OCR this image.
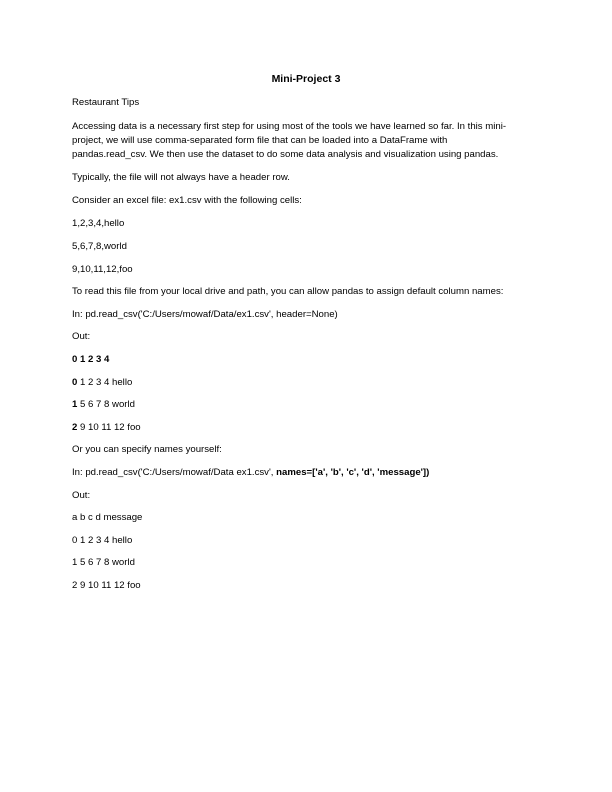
Mini-Project 3
Restaurant Tips
Accessing data is a necessary first step for using most of the tools we have learned so far. In this mini-
project, we will use comma-separated form file that can be loaded into a DataFrame with
pandas.read_csv. We then use the dataset to do some data analysis and visualization using pandas.
Typically, the file will not always have a header row.
Consider an excel file: ex1.csv with the following cells:
1,2,3,4,hello
5,6,7,8,world
9,10,11,12,foo
To read this file from your local drive and path, you can allow pandas to assign default column names:
In: pd.read_csv('C:/Users/mowaf/Data/ex1.csv', header=None)
Out:
0 1 2 3 4
0 1 2 3 4 hello
1 5 6 7 8 world
2 9 10 11 12 foo
Or you can specify names yourself:
In: pd.read_csv('C:/Users/mowaf/Data ex1.csv', names=['a', 'b', 'c', 'd', 'message'])
Out:
a b c d message
0 1 2 3 4 hello
1 5 6 7 8 world
2 9 10 11 12 foo
